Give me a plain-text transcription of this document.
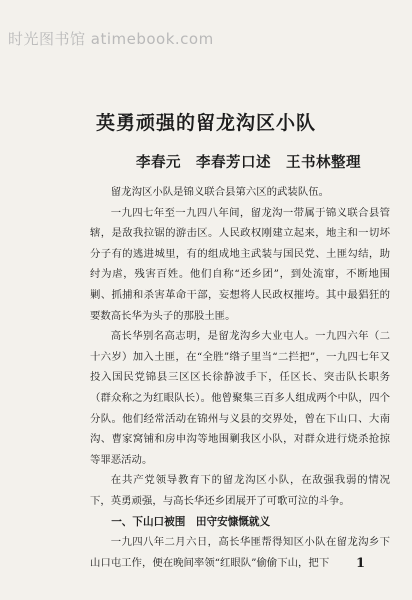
时光图书馆 atimebook.com
英勇顽强的留龙沟区小队
李春元　李春芳口述　王书林整理

留龙沟区小队是锦义联合县第六区的武装队伍。

一九四七年至一九四八年间，留龙沟一带属于锦义联合县管辖，是敌我拉锯的游击区。人民政权刚建立起来，地主和一切坏分子有的逃进城里，有的组成地主武装与国民党、土匪勾结，助纣为虐，残害百姓。他们自称“还乡团”，到处流窜，不断地围剿、抓捕和杀害革命干部，妄想将人民政权摧垮。其中最猖狂的要数高长华为头子的那股土匪。

高长华别名高志明，是留龙沟乡大业屯人。一九四六年（二十六岁）加入土匪，在“全胜”绺子里当“二拦把”，一九四七年又投入国民党锦县三区区长徐静波手下，任区长、突击队长职务（群众称之为红眼队长）。他曾聚集三百多人组成两个中队，四个分队。他们经常活动在锦州与义县的交界处，曾在下山口、大南沟、曹家窝铺和房申沟等地围剿我区小队，对群众进行烧杀抢掠等罪恶活动。

在共产党领导教育下的留龙沟区小队，在敌强我弱的情况下，英勇顽强，与高长华还乡团展开了可歌可泣的斗争。

一、下山口被围　田守安慷慨就义

一九四八年二月六日，高长华匪帮得知区小队在留龙沟乡下山口屯工作，便在晚间率领“红眼队”偷偷下山，把下	1
